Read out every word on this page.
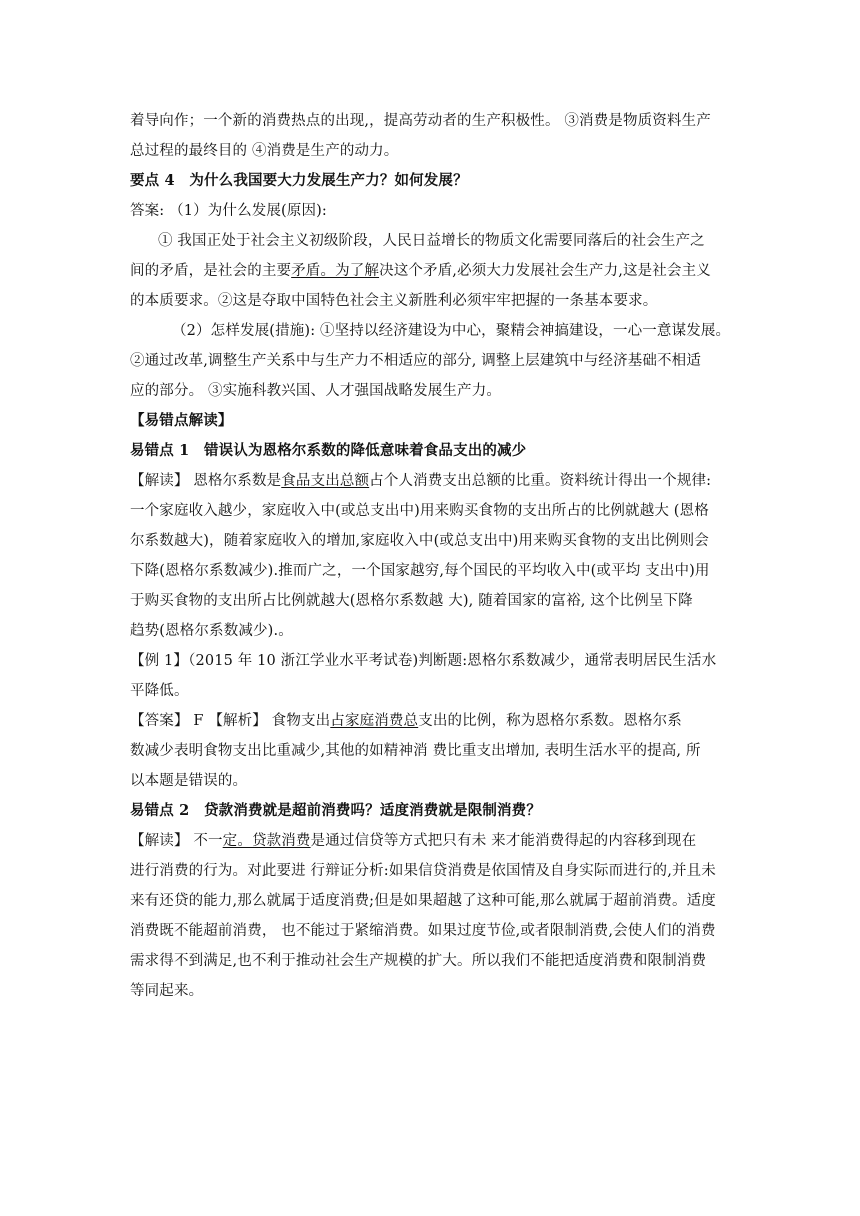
着导向作；一个新的消费热点的出现,，提高劳动者的生产积极性。 ③消费是物质资料生产
总过程的最终目的 ④消费是生产的动力。
要点 4　为什么我国要大力发展生产力？如何发展？
答案: （1）为什么发展(原因):
① 我国正处于社会主义初级阶段，人民日益增长的物质文化需要同落后的社会生产之
间的矛盾，是社会的主要矛盾。为了解决这个矛盾,必须大力发展社会生产力,这是社会主义
的本质要求。②这是夺取中国特色社会主义新胜利必须牢牢把握的一条基本要求。
（2）怎样发展(措施): ①坚持以经济建设为中心，聚精会神搞建设，一心一意谋发展。
②通过改革,调整生产关系中与生产力不相适应的部分, 调整上层建筑中与经济基础不相适
应的部分。 ③实施科教兴国、人才强国战略发展生产力。
【易错点解读】
易错点 1　错误认为恩格尔系数的降低意味着食品支出的减少
【解读】 恩格尔系数是食品支出总额占个人消费支出总额的比重。资料统计得出一个规律:
一个家庭收入越少，家庭收入中(或总支出中)用来购买食物的支出所占的比例就越大 (恩格
尔系数越大)，随着家庭收入的增加,家庭收入中(或总支出中)用来购买食物的支出比例则会
下降(恩格尔系数减少).推而广之，一个国家越穷,每个国民的平均收入中(或平均 支出中)用
于购买食物的支出所占比例就越大(恩格尔系数越 大), 随着国家的富裕, 这个比例呈下降
趋势(恩格尔系数减少).。
【例 1】（2015 年 10 浙江学业水平考试卷)判断题:恩格尔系数减少，通常表明居民生活水
平降低。
【答案】 F 【解析】 食物支出占家庭消费总支出的比例，称为恩格尔系数。恩格尔系
数减少表明食物支出比重减少,其他的如精神消 费比重支出增加, 表明生活水平的提高, 所
以本题是错误的。
易错点 2　贷款消费就是超前消费吗？适度消费就是限制消费？
【解读】 不一定。贷款消费是通过信贷等方式把只有未 来才能消费得起的内容移到现在
进行消费的行为。对此要进 行辩证分析:如果信贷消费是依国情及自身实际而进行的,并且未
来有还贷的能力,那么就属于适度消费;但是如果超越了这种可能,那么就属于超前消费。适度
消费既不能超前消费， 也不能过于紧缩消费。如果过度节俭,或者限制消费,会使人们的消费
需求得不到满足,也不利于推动社会生产规模的扩大。所以我们不能把适度消费和限制消费
等同起来。
